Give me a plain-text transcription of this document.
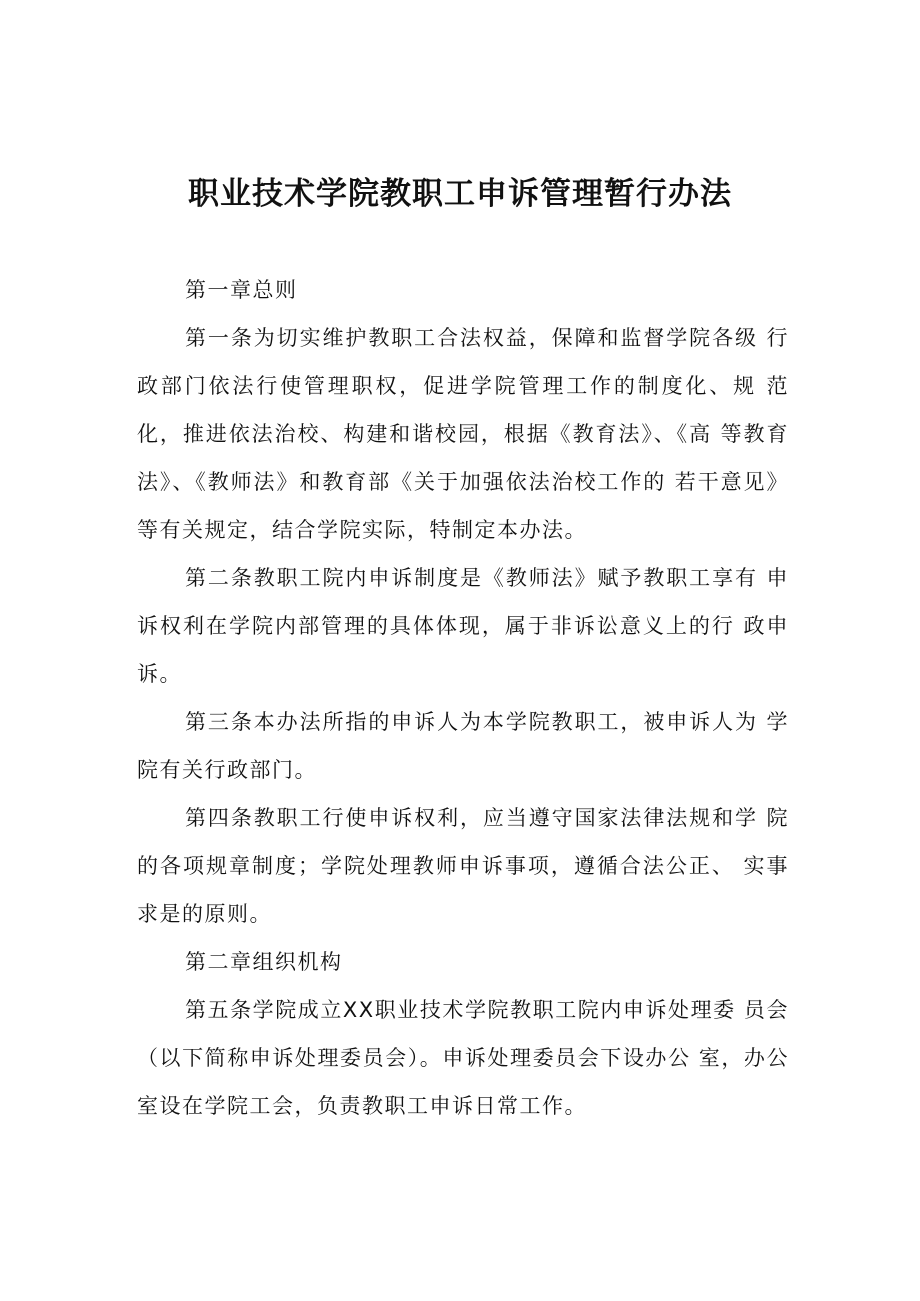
职业技术学院教职工申诉管理暂行办法

第一章总则

第一条为切实维护教职工合法权益，保障和监督学院各级 行政部门依法行使管理职权，促进学院管理工作的制度化、规 范化，推进依法治校、构建和谐校园，根据《教育法》、《高 等教育法》、《教师法》和教育部《关于加强依法治校工作的 若干意见》等有关规定，结合学院实际，特制定本办法。

第二条教职工院内申诉制度是《教师法》赋予教职工享有 申诉权利在学院内部管理的具体体现，属于非诉讼意义上的行 政申诉。

第三条本办法所指的申诉人为本学院教职工，被申诉人为 学院有关行政部门。

第四条教职工行使申诉权利，应当遵守国家法律法规和学 院的各项规章制度；学院处理教师申诉事项，遵循合法公正、 实事求是的原则。

第二章组织机构

第五条学院成立XX职业技术学院教职工院内申诉处理委 员会（以下简称申诉处理委员会）。申诉处理委员会下设办公 室，办公室设在学院工会，负责教职工申诉日常工作。
